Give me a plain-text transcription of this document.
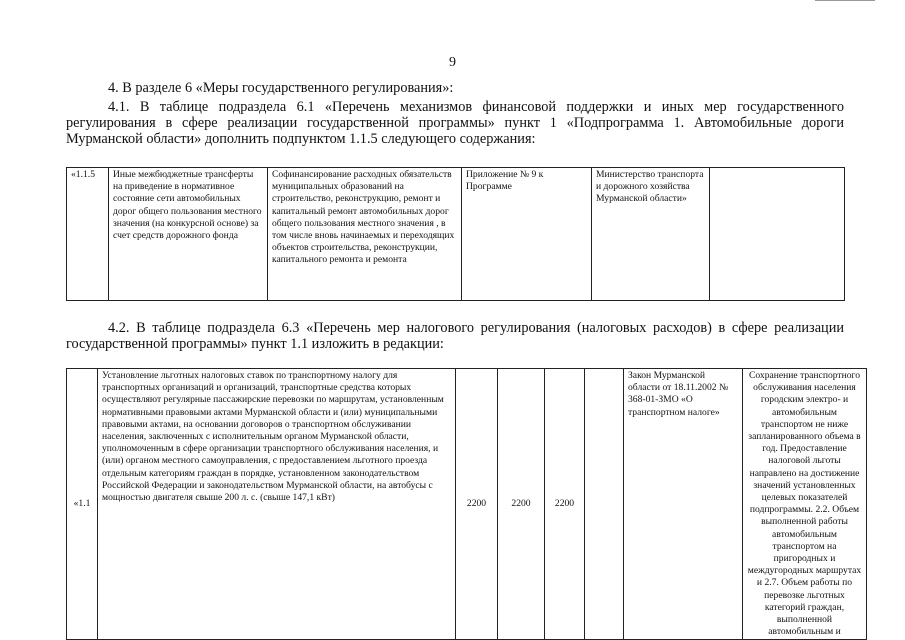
9

4. В разделе 6 «Меры государственного регулирования»:

4.1. В таблице подраздела 6.1 «Перечень механизмов финансовой поддержки и иных мер государственного регулирования в сфере реализации государственной программы» пункт 1 «Подпрограмма 1. Автомобильные дороги Мурманской области» дополнить подпунктом 1.1.5 следующего содержания:

«1.1.5	Иные межбюджетные трансферты на приведение в нормативное состояние сети автомобильных дорог общего пользования местного значения (на конкурсной основе) за счет средств дорожного фонда	Софинансирование расходных обязательств муниципальных образований на строительство, реконструкцию, ремонт и капитальный ремонт автомобильных дорог общего пользования местного значения , в том числе вновь начинаемых и переходящих объектов строительства, реконструкции, капитального ремонта и ремонта	Приложение № 9 к Программе	Министерство транспорта и дорожного хозяйства Мурманской области»	

4.2. В таблице подраздела 6.3 «Перечень мер налогового регулирования (налоговых расходов) в сфере реализации государственной программы» пункт 1.1 изложить в редакции:

«1.1	Установление льготных налоговых ставок по транспортному налогу для транспортных организаций и организаций, транспортные средства которых осуществляют регулярные пассажирские перевозки по маршрутам, установленным нормативными правовыми актами Мурманской области и (или) муниципальными правовыми актами, на основании договоров о транспортном обслуживании населения, заключенных с исполнительным органом Мурманской области, уполномоченным в сфере организации транспортного обслуживания населения, и (или) органом местного самоуправления, с предоставлением льготного проезда отдельным категориям граждан в порядке, установленном законодательством Российской Федерации и законодательством Мурманской области, на автобусы с мощностью двигателя свыше 200 л. с. (свыше 147,1 кВт)	2200	2200	2200		Закон Мурманской области от 18.11.2002 № 368-01-ЗМО «О транспортном налоге»	Сохранение транспортного обслуживания населения городским электро- и автомобильным транспортом не ниже запланированного объема в год. Предоставление налоговой льготы направлено на достижение значений установленных целевых показателей подпрограммы. 2.2. Объем выполненной работы автомобильным транспортом на пригородных и междугородных маршрутах и 2.7. Объем работы по перевозке льготных категорий граждан, выполненной автомобильным и
